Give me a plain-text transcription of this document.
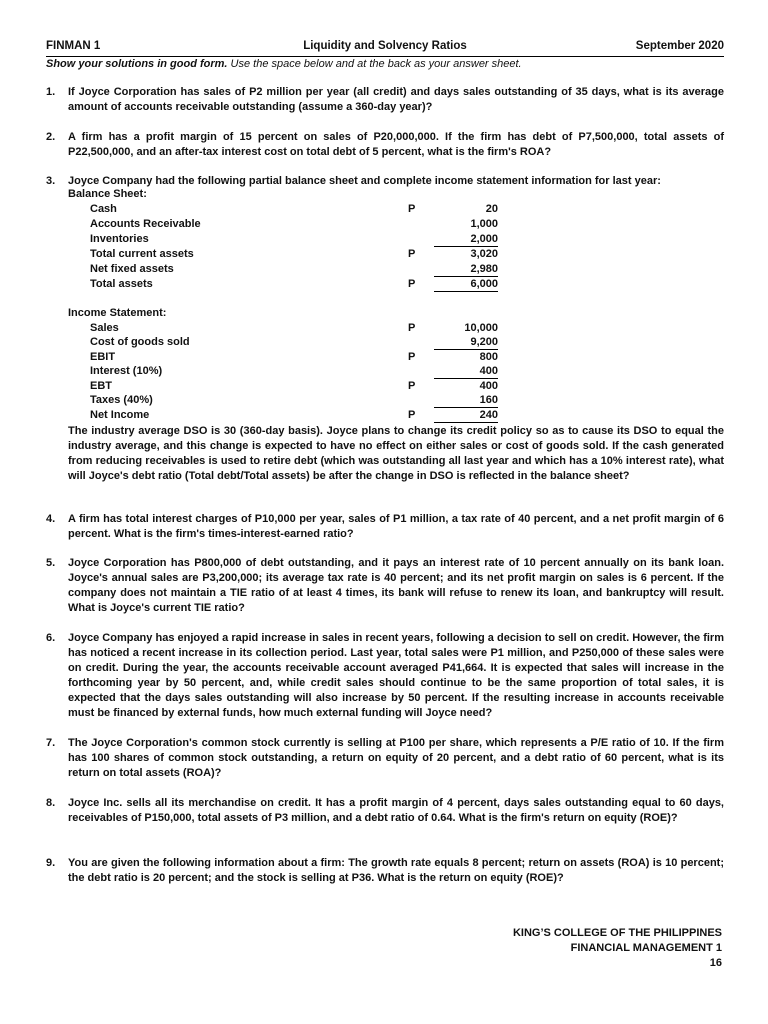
FINMAN 1	Liquidity and Solvency Ratios	September 2020
Show your solutions in good form. Use the space below and at the back as your answer sheet.
1.	If Joyce Corporation has sales of P2 million per year (all credit) and days sales outstanding of 35 days, what is its average amount of accounts receivable outstanding (assume a 360-day year)?
2.	A firm has a profit margin of 15 percent on sales of P20,000,000. If the firm has debt of P7,500,000, total assets of P22,500,000, and an after-tax interest cost on total debt of 5 percent, what is the firm's ROA?
3.	Joyce Company had the following partial balance sheet and complete income statement information for last year:
Balance Sheet:
Cash	P	20
Accounts Receivable	1,000
Inventories	2,000
Total current assets	P	3,020
Net fixed assets	2,980
Total assets	P	6,000
Income Statement:
Sales	P	10,000
Cost of goods sold	9,200
EBIT	P	800
Interest (10%)	400
EBT	P	400
Taxes (40%)	160
Net Income	P	240
The industry average DSO is 30 (360-day basis). Joyce plans to change its credit policy so as to cause its DSO to equal the industry average, and this change is expected to have no effect on either sales or cost of goods sold. If the cash generated from reducing receivables is used to retire debt (which was outstanding all last year and which has a 10% interest rate), what will Joyce's debt ratio (Total debt/Total assets) be after the change in DSO is reflected in the balance sheet?
4.	A firm has total interest charges of P10,000 per year, sales of P1 million, a tax rate of 40 percent, and a net profit margin of 6 percent. What is the firm's times-interest-earned ratio?
5.	Joyce Corporation has P800,000 of debt outstanding, and it pays an interest rate of 10 percent annually on its bank loan. Joyce's annual sales are P3,200,000; its average tax rate is 40 percent; and its net profit margin on sales is 6 percent. If the company does not maintain a TIE ratio of at least 4 times, its bank will refuse to renew its loan, and bankruptcy will result. What is Joyce's current TIE ratio?
6.	Joyce Company has enjoyed a rapid increase in sales in recent years, following a decision to sell on credit. However, the firm has noticed a recent increase in its collection period. Last year, total sales were P1 million, and P250,000 of these sales were on credit. During the year, the accounts receivable account averaged P41,664. It is expected that sales will increase in the forthcoming year by 50 percent, and, while credit sales should continue to be the same proportion of total sales, it is expected that the days sales outstanding will also increase by 50 percent. If the resulting increase in accounts receivable must be financed by external funds, how much external funding will Joyce need?
7.	The Joyce Corporation's common stock currently is selling at P100 per share, which represents a P/E ratio of 10. If the firm has 100 shares of common stock outstanding, a return on equity of 20 percent, and a debt ratio of 60 percent, what is its return on total assets (ROA)?
8.	Joyce Inc. sells all its merchandise on credit. It has a profit margin of 4 percent, days sales outstanding equal to 60 days, receivables of P150,000, total assets of P3 million, and a debt ratio of 0.64. What is the firm's return on equity (ROE)?
9.	You are given the following information about a firm: The growth rate equals 8 percent; return on assets (ROA) is 10 percent; the debt ratio is 20 percent; and the stock is selling at P36. What is the return on equity (ROE)?
KING’S COLLEGE OF THE PHILIPPINES
FINANCIAL MANAGEMENT 1
16
